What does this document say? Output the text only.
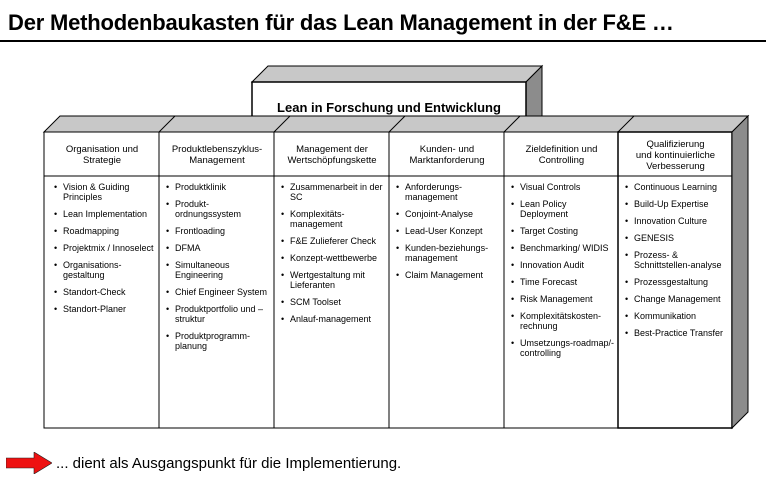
Der Methodenbaukasten für das Lean Management in der F&E …
Lean in Forschung und Entwicklung
Organisation und
Strategie
Produktlebenszyklus-
Management
Management der
Wertschöpfungskette
Kunden- und
Marktanforderung
Zieldefinition und
Controlling
Qualifizierung
und kontinuierliche
Verbesserung
• Vision & Guiding Principles
• Lean Implementation
• Roadmapping
• Projektmix / Innoselect
• Organisations-gestaltung
• Standort-Check
• Standort-Planer
• Produktklinik
• Produkt-ordnungssystem
• Frontloading
• DFMA
• Simultaneous Engineering
• Chief Engineer System
• Produktportfolio und –struktur
• Produktprogramm-planung
• Zusammenarbeit in der SC
• Komplexitäts-management
• F&E Zulieferer Check
• Konzept-wettbewerbe
• Wertgestaltung mit Lieferanten
• SCM Toolset
• Anlauf-management
• Anforderungs-management
• Conjoint-Analyse
• Lead-User Konzept
• Kunden-beziehungs-management
• Claim Management
• Visual Controls
• Lean Policy Deployment
• Target Costing
• Benchmarking/ WIDIS
• Innovation Audit
• Time Forecast
• Risk Management
• Komplexitätskosten-rechnung
• Umsetzungs-roadmap/-controlling
• Continuous Learning
• Build-Up Expertise
• Innovation Culture
• GENESIS
• Prozess- & Schnittstellen-analyse
• Prozessgestaltung
• Change Management
• Kommunikation
• Best-Practice Transfer
... dient als Ausgangspunkt für die Implementierung.
